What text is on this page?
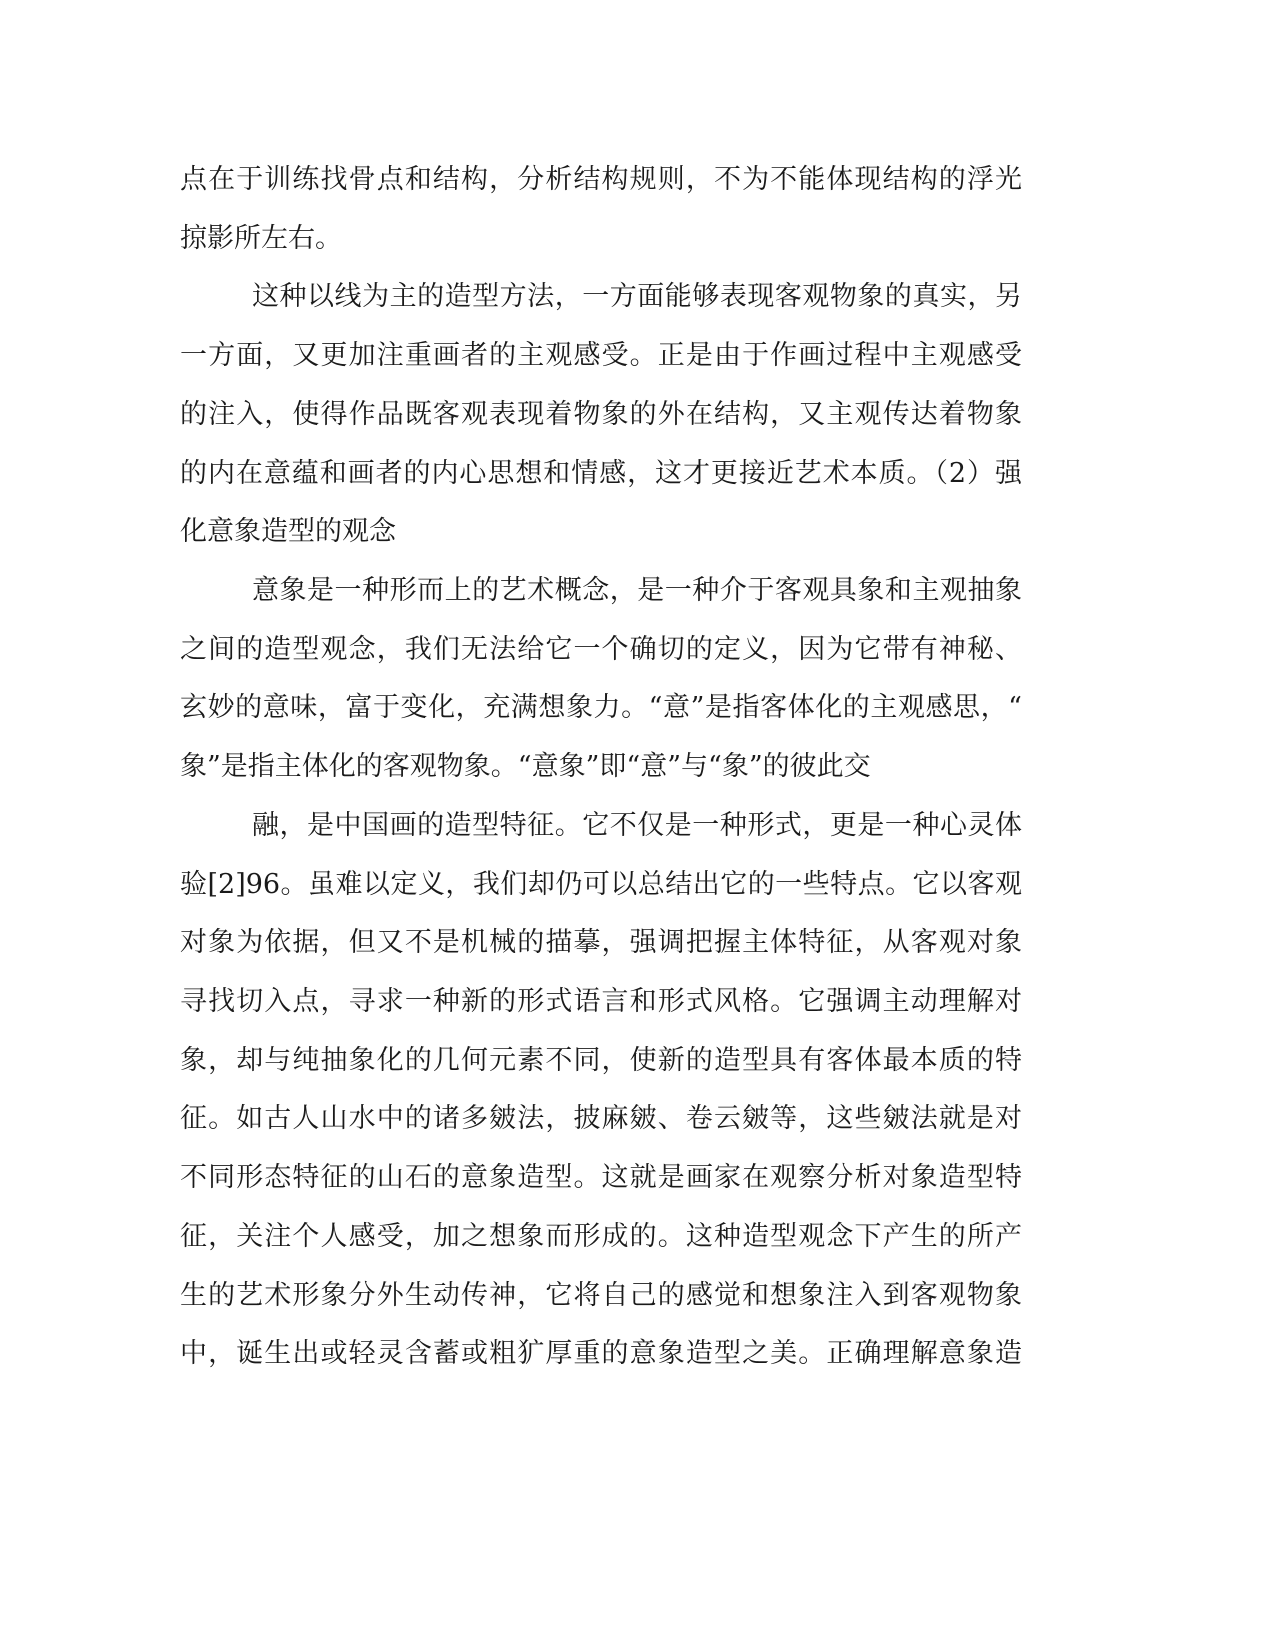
点在于训练找骨点和结构，分析结构规则，不为不能体现结构的浮光

掠影所左右。

这种以线为主的造型方法，一方面能够表现客观物象的真实，另

一方面，又更加注重画者的主观感受。正是由于作画过程中主观感受

的注入，使得作品既客观表现着物象的外在结构，又主观传达着物象

的内在意蕴和画者的内心思想和情感，这才更接近艺术本质。（2）强

化意象造型的观念

意象是一种形而上的艺术概念，是一种介于客观具象和主观抽象

之间的造型观念，我们无法给它一个确切的定义，因为它带有神秘、

玄妙的意味，富于变化，充满想象力。“意”是指客体化的主观感思，“

象”是指主体化的客观物象。“意象”即“意”与“象”的彼此交

融，是中国画的造型特征。它不仅是一种形式，更是一种心灵体

验[2]96。虽难以定义，我们却仍可以总结出它的一些特点。它以客观

对象为依据，但又不是机械的描摹，强调把握主体特征，从客观对象

寻找切入点，寻求一种新的形式语言和形式风格。它强调主动理解对

象，却与纯抽象化的几何元素不同，使新的造型具有客体最本质的特

征。如古人山水中的诸多皴法，披麻皴、卷云皴等，这些皴法就是对

不同形态特征的山石的意象造型。这就是画家在观察分析对象造型特

征，关注个人感受，加之想象而形成的。这种造型观念下产生的所产

生的艺术形象分外生动传神，它将自己的感觉和想象注入到客观物象

中，诞生出或轻灵含蓄或粗犷厚重的意象造型之美。正确理解意象造
